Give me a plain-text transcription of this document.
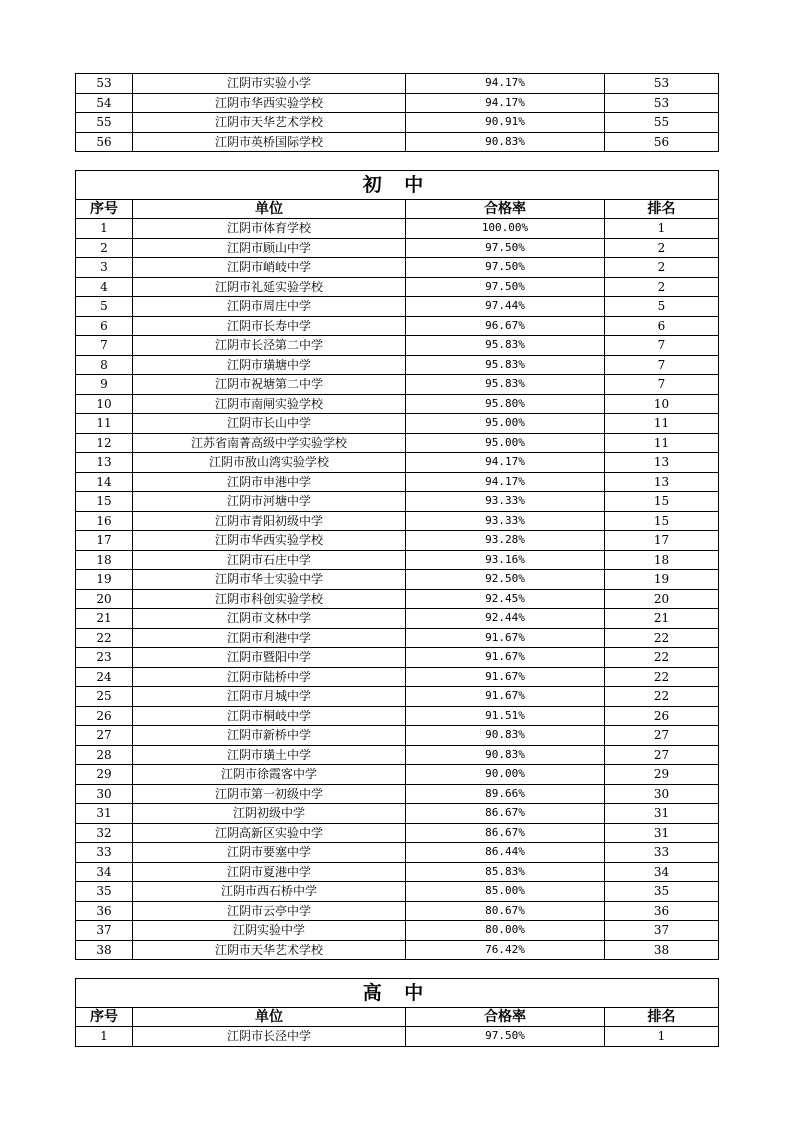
53	江阴市实验小学	94.17%	53
54	江阴市华西实验学校	94.17%	53
55	江阴市天华艺术学校	90.91%	55
56	江阴市英桥国际学校	90.83%	56
初 中			
序号	单位	合格率	排名
1	江阴市体育学校	100.00%	1
2	江阴市顾山中学	97.50%	2
3	江阴市峭岐中学	97.50%	2
4	江阴市礼延实验学校	97.50%	2
5	江阴市周庄中学	97.44%	5
6	江阴市长寿中学	96.67%	6
7	江阴市长泾第二中学	95.83%	7
8	江阴市璜塘中学	95.83%	7
9	江阴市祝塘第二中学	95.83%	7
10	江阴市南闸实验学校	95.80%	10
11	江阴市长山中学	95.00%	11
12	江苏省南菁高级中学实验学校	95.00%	11
13	江阴市敔山湾实验学校	94.17%	13
14	江阴市申港中学	94.17%	13
15	江阴市河塘中学	93.33%	15
16	江阴市青阳初级中学	93.33%	15
17	江阴市华西实验学校	93.28%	17
18	江阴市石庄中学	93.16%	18
19	江阴市华士实验中学	92.50%	19
20	江阴市科创实验学校	92.45%	20
21	江阴市文林中学	92.44%	21
22	江阴市利港中学	91.67%	22
23	江阴市暨阳中学	91.67%	22
24	江阴市陆桥中学	91.67%	22
25	江阴市月城中学	91.67%	22
26	江阴市桐岐中学	91.51%	26
27	江阴市新桥中学	90.83%	27
28	江阴市璜土中学	90.83%	27
29	江阴市徐霞客中学	90.00%	29
30	江阴市第一初级中学	89.66%	30
31	江阴初级中学	86.67%	31
32	江阴高新区实验中学	86.67%	31
33	江阴市要塞中学	86.44%	33
34	江阴市夏港中学	85.83%	34
35	江阴市西石桥中学	85.00%	35
36	江阴市云亭中学	80.67%	36
37	江阴实验中学	80.00%	37
38	江阴市天华艺术学校	76.42%	38
高 中			
序号	单位	合格率	排名
1	江阴市长泾中学	97.50%	1
